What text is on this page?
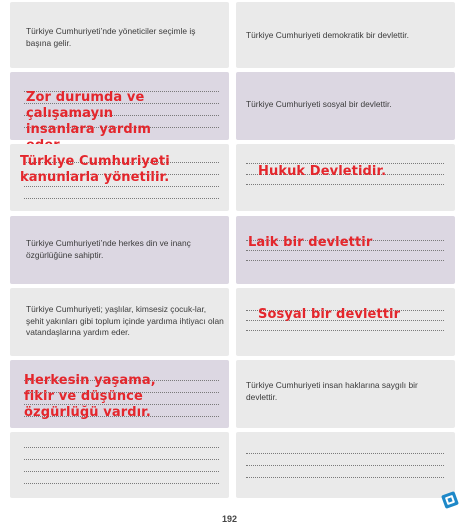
Türkiye Cumhuriyeti’nde yöneticiler seçimle iş başına gelir.
Türkiye Cumhuriyeti demokratik bir devlettir.
Zor durumda ve çalışamayın insanlara yardım
Türkiye Cumhuriyeti sosyal bir devlettir.
Türkiye Cumhuriyeti kanunlarla yönetilir.	Hukuk Devletidir.
Türkiye Cumhuriyeti’nde herkes din ve inanç özgürlüğüne sahiptir.
Laik bir devlettir
Türkiye Cumhuriyeti; yaşlılar, kimsesiz çocuk-lar, şehit yakınları gibi toplum içinde yardıma ihtiyacı olan vatandaşlarına yardım eder.
Sosyal bir devlettir
Herkesin yaşama, fikir ve düşünce özgürlüğü vardır.
Türkiye Cumhuriyeti insan haklarına saygılı bir devlettir.
192
